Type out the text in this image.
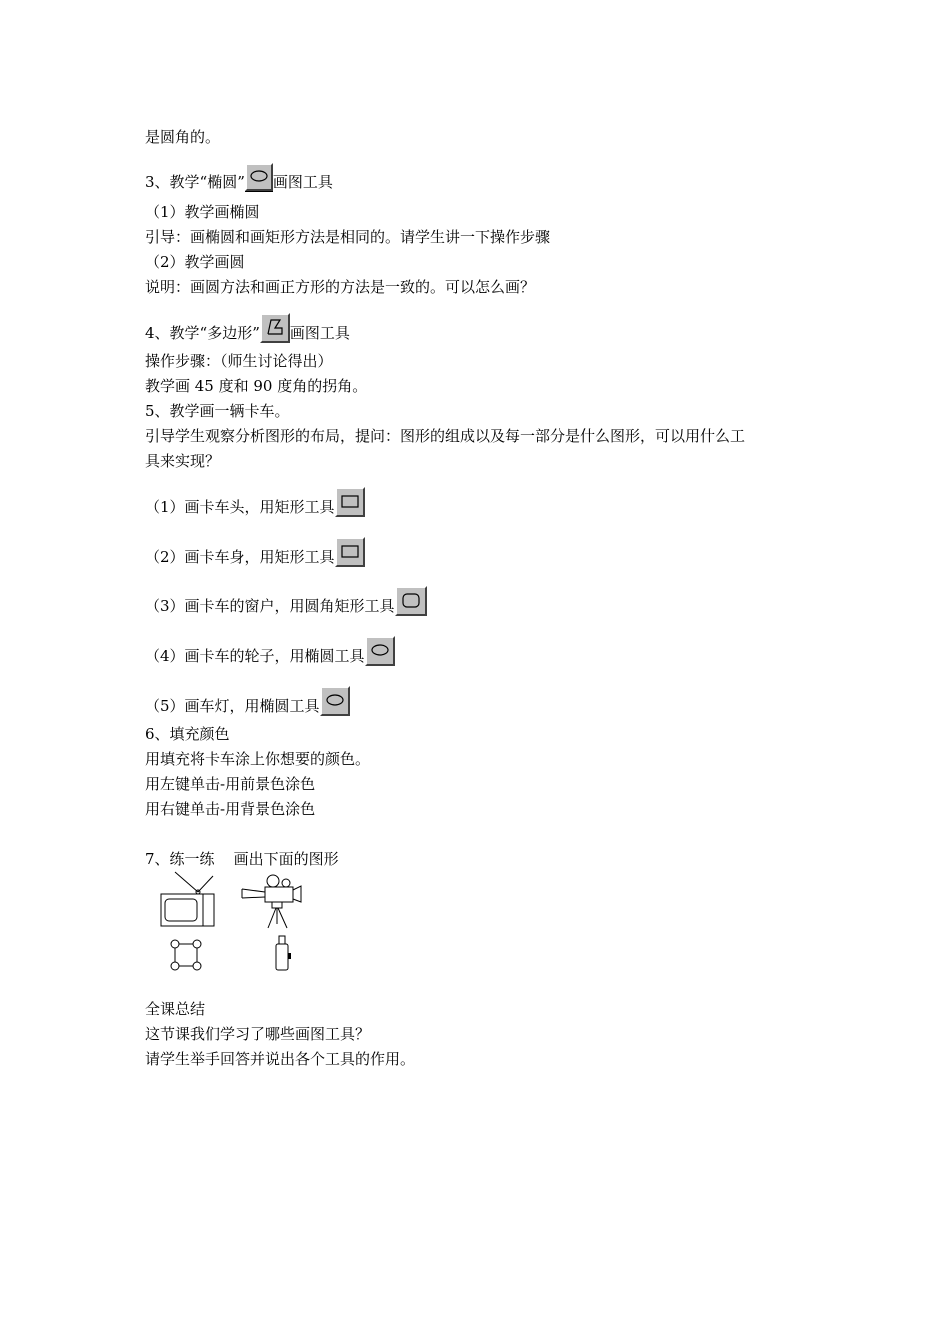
是圆角的。
3、教学“椭圆” 画图工具
（1）教学画椭圆
引导：画椭圆和画矩形方法是相同的。请学生讲一下操作步骤
（2）教学画圆
说明：画圆方法和画正方形的方法是一致的。可以怎么画？
4、教学“多边形” 画图工具
操作步骤：（师生讨论得出）
教学画 45 度和 90 度角的拐角。
5、教学画一辆卡车。
引导学生观察分析图形的布局，提问：图形的组成以及每一部分是什么图形，可以用什么工
具来实现？
（1）画卡车头，用矩形工具
（2）画卡车身，用矩形工具
（3）画卡车的窗户，用圆角矩形工具
（4）画卡车的轮子，用椭圆工具
（5）画车灯，用椭圆工具
6、填充颜色
用填充将卡车涂上你想要的颜色。
用左键单击-用前景色涂色
用右键单击-用背景色涂色
7、练一练    画出下面的图形
全课总结
这节课我们学习了哪些画图工具？
请学生举手回答并说出各个工具的作用。
